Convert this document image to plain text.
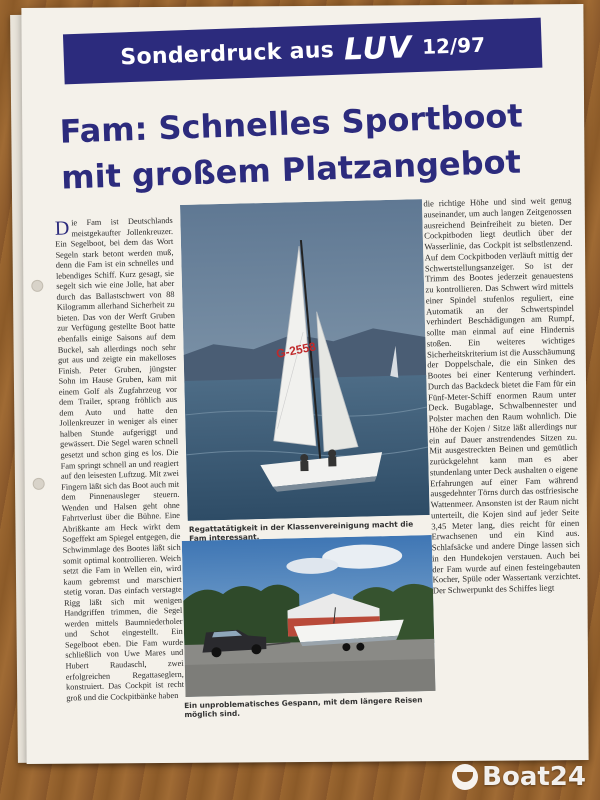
Sonderdruck aus LUV 12/97
Fam: Schnelles Sportboot
mit großem Platzangebot
Die Fam ist Deutschlands meistgekaufter Jollenkreuzer. Ein Segelboot, bei dem das Wort Segeln stark betont werden muß, denn die Fam ist ein schnelles und lebendiges Schiff. Kurz gesagt, sie segelt sich wie eine Jolle, hat aber durch das Ballastschwert von 88 Kilogramm allerhand Sicherheit zu bieten. Das von der Werft Gruben zur Verfügung gestellte Boot hatte ebenfalls einige Saisons auf dem Buckel, sah allerdings noch sehr gut aus und zeigte ein makelloses Finish. Peter Gruben, jüngster Sohn im Hause Gruben, kam mit einem Golf als Zugfahrzeug vor dem Trailer, sprang fröhlich aus dem Auto und hatte den Jollenkreuzer in weniger als einer halben Stunde aufgeriggt und gewässert. Die Segel waren schnell gesetzt und schon ging es los. Die Fam springt schnell an und reagiert auf den leisesten Luftzug. Mit zwei Fingern läßt sich das Boot auch mit dem Pinnenausleger steuern. Wenden und Halsen geht ohne Fahrtverlust über die Bühne. Eine Abrißkante am Heck wirkt dem Sogeffekt am Spiegel entgegen, die Schwimmlage des Bootes läßt sich somit optimal kontrollieren. Weich setzt die Fam in Wellen ein, wird kaum gebremst und marschiert stetig voran. Das einfach verstagte Rigg läßt sich mit wenigen Handgriffen trimmen, die Segel werden mittels Baumniederholer und Schot eingestellt. Ein Segelboot eben. Die Fam wurde schließlich von Uwe Mares und Hubert Raudaschl, zwei erfolgreichen Regattaseglern, konstruiert. Das Cockpit ist recht groß und die Cockpitbänke haben
G-2558
Regattatätigkeit in der Klassenvereinigung macht die Fam interessant.
Ein unproblematisches Gespann, mit dem längere Reisen möglich sind.
die richtige Höhe und sind weit genug auseinander, um auch langen Zeitgenossen ausreichend Beinfreiheit zu bieten. Der Cockpitboden liegt deutlich über der Wasserlinie, das Cockpit ist selbstlenzend. Auf dem Cockpitboden verläuft mittig der Schwertstellungsanzeiger. So ist der Trimm des Bootes jederzeit genauestens zu kontrollieren. Das Schwert wird mittels einer Spindel stufenlos reguliert, eine Automatik an der Schwertspindel verhindert Beschädigungen am Rumpf, sollte man einmal auf eine Hindernis stoßen. Ein weiteres wichtiges Sicherheitskriterium ist die Ausschäumung der Doppelschale, die ein Sinken des Bootes bei einer Kenterung verhindert. Durch das Backdeck bietet die Fam für ein Fünf-Meter-Schiff enormen Raum unter Deck. Bugablage, Schwalbennester und Polster machen den Raum wohnlich. Die Höhe der Kojen / Sitze läßt allerdings nur ein auf Dauer anstrendendes Sitzen zu. Mit ausgestreckten Beinen und gemütlich zurückgelehnt kann man es aber stundenlang unter Deck aushalten o eigene Erfahrungen auf einer Fam während ausgedehnter Törns durch das ostfriesische Wattenmeer. Ansonsten ist der Raum nicht unterteilt, die Kojen sind auf jeder Seite 3,45 Meter lang, dies reicht für einen Erwachsenen und ein Kind aus. Schlafsäcke und andere Dinge lassen sich in den Hundekojen verstauen. Auch bei der Fam wurde auf einen festeingebauten Kocher, Spüle oder Wassertank verzichtet. Der Schwerpunkt des Schiffes liegt
Boat24
